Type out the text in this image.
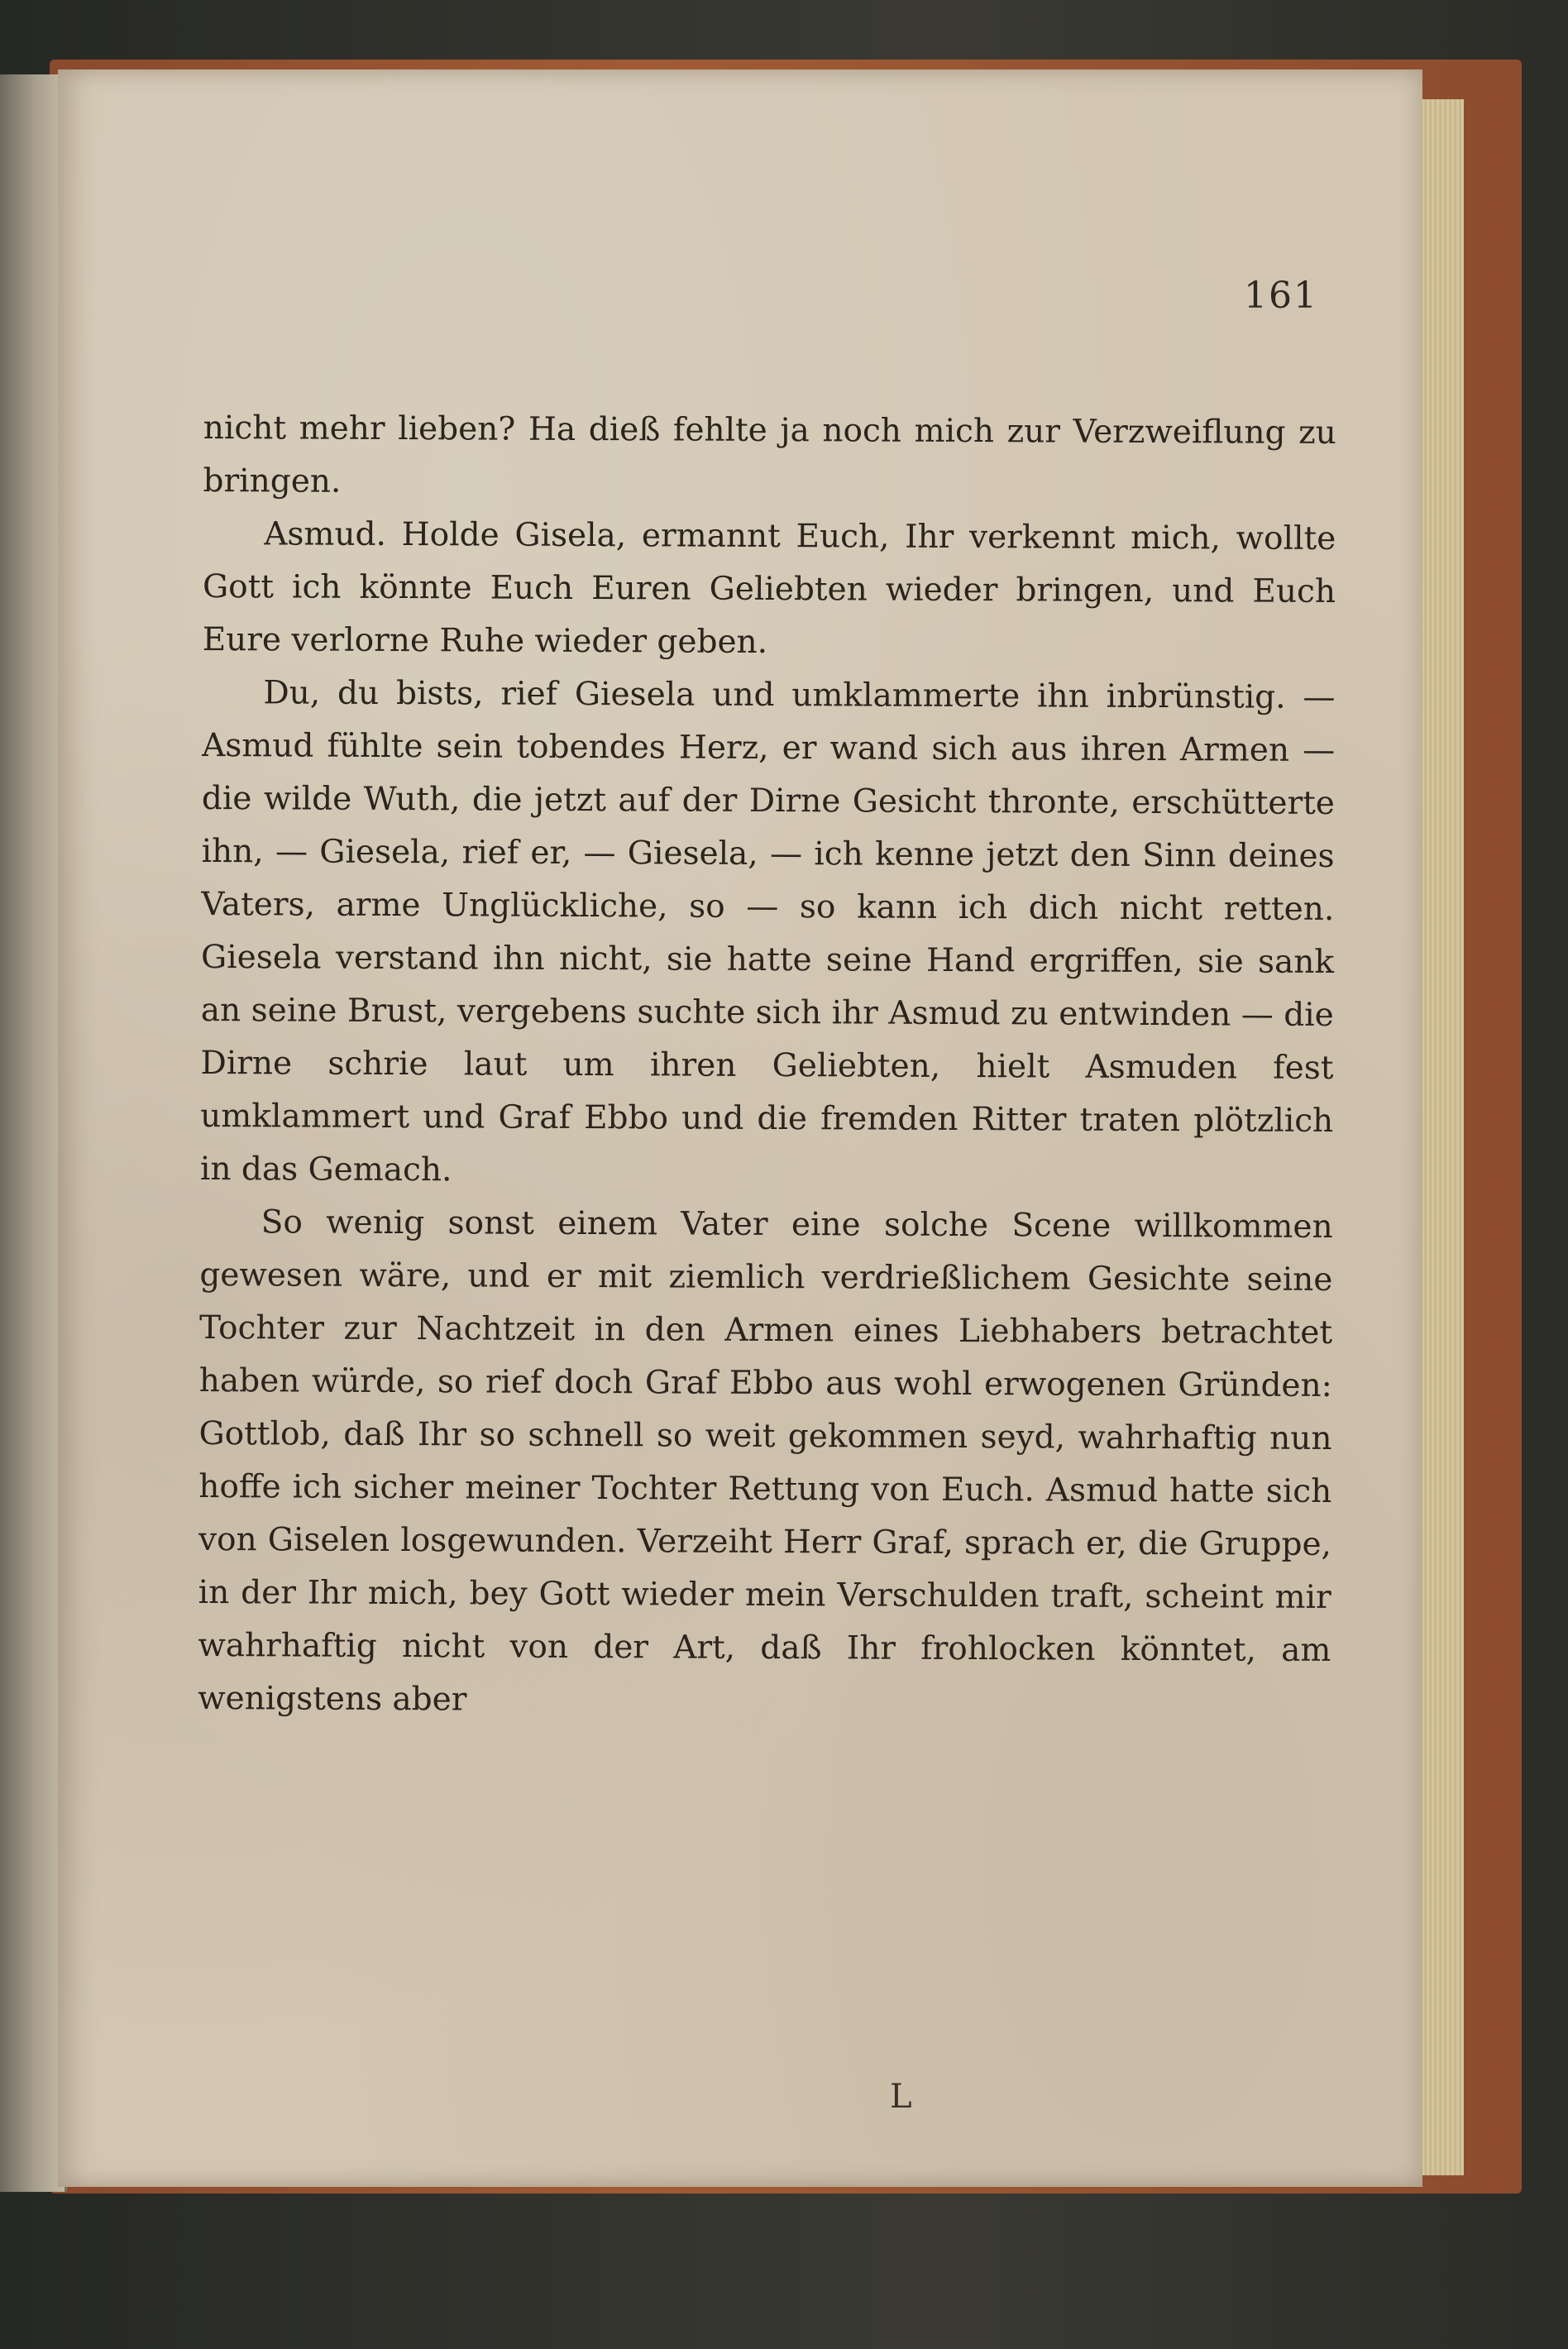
161

nicht mehr lieben? Ha dieß fehlte ja noch mich zur Verzweiflung zu bringen.

Asmud. Holde Gisela, ermannt Euch, Ihr verkennt mich, wollte Gott ich könnte Euch Euren Geliebten wieder bringen, und Euch Eure verlorne Ruhe wieder geben.

Du, du bists, rief Giesela und umklammerte ihn inbrünstig. — Asmud fühlte sein tobendes Herz, er wand sich aus ihren Armen — die wilde Wuth, die jetzt auf der Dirne Gesicht thronte, erschütterte ihn, — Giesela, rief er, — Giesela, — ich kenne jetzt den Sinn deines Vaters, arme Unglückliche, so — so kann ich dich nicht retten. Giesela verstand ihn nicht, sie hatte seine Hand ergriffen, sie sank an seine Brust, vergebens suchte sich ihr Asmud zu entwinden — die Dirne schrie laut um ihren Geliebten, hielt Asmuden fest umklammert und Graf Ebbo und die fremden Ritter traten plötzlich in das Gemach.

So wenig sonst einem Vater eine solche Scene willkommen gewesen wäre, und er mit ziemlich verdrießlichem Gesichte seine Tochter zur Nachtzeit in den Armen eines Liebhabers betrachtet haben würde, so rief doch Graf Ebbo aus wohl erwogenen Gründen: Gottlob, daß Ihr so schnell so weit gekommen seyd, wahrhaftig nun hoffe ich sicher meiner Tochter Rettung von Euch. Asmud hatte sich von Giselen losgewunden. Verzeiht Herr Graf, sprach er, die Gruppe, in der Ihr mich, bey Gott wieder mein Verschulden traft, scheint mir wahrhaftig nicht von der Art, daß Ihr frohlocken könntet, am wenigstens aber

L
